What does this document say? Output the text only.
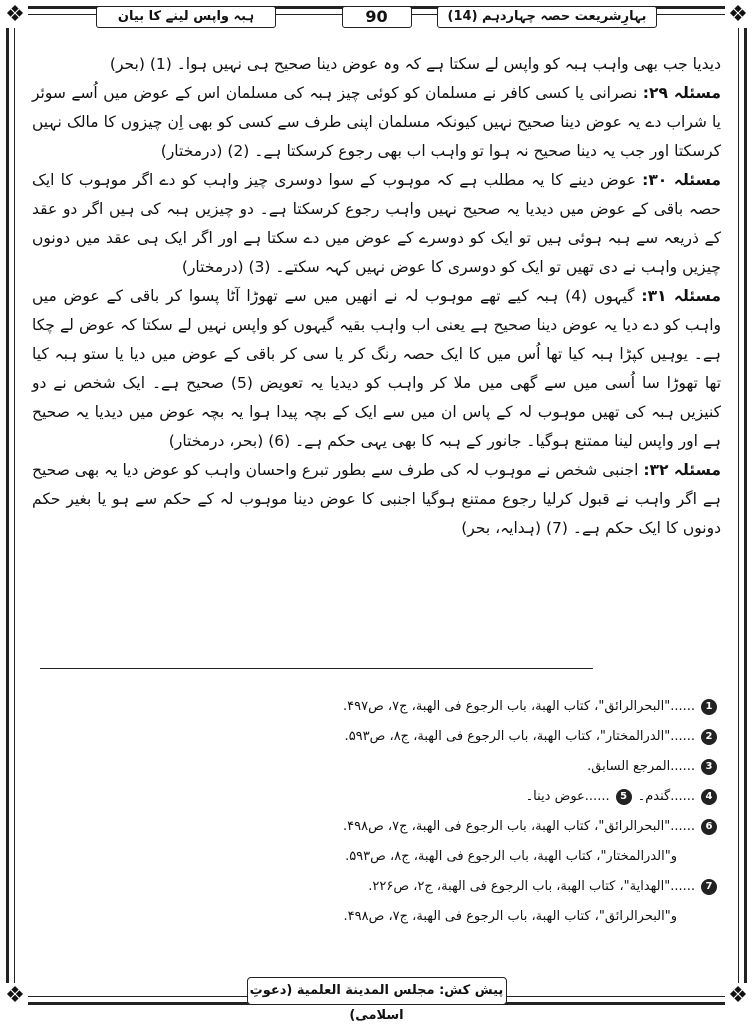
❖	❖
❖	❖
بہارِشریعت حصہ چہاردہم (14)
90
ہبہ واپس لینے کا بیان

دیدیا جب بھی واہب ہبہ کو واپس لے سکتا ہے کہ وہ عوض دینا صحیح ہی نہیں ہوا۔ (1) (بحر)

مسئلہ ۲۹: نصرانی یا کسی کافر نے مسلمان کو کوئی چیز ہبہ کی مسلمان اس کے عوض میں اُسے سوئر یا شراب دے یہ عوض دینا صحیح نہیں کیونکہ مسلمان اپنی طرف سے کسی کو بھی اِن چیزوں کا مالک نہیں کرسکتا اور جب یہ دینا صحیح نہ ہوا تو واہب اب بھی رجوع کرسکتا ہے۔ (2) (درمختار)

مسئلہ ۳۰: عوض دینے کا یہ مطلب ہے کہ موہوب کے سوا دوسری چیز واہب کو دے اگر موہوب کا ایک حصہ باقی کے عوض میں دیدیا یہ صحیح نہیں واہب رجوع کرسکتا ہے۔ دو چیزیں ہبہ کی ہیں اگر دو عقد کے ذریعہ سے ہبہ ہوئی ہیں تو ایک کو دوسرے کے عوض میں دے سکتا ہے اور اگر ایک ہی عقد میں دونوں چیزیں واہب نے دی تھیں تو ایک کو دوسری کا عوض نہیں کہہ سکتے۔ (3) (درمختار)

مسئلہ ۳۱: گیہوں (4) ہبہ کیے تھے موہوب لہ نے انھیں میں سے تھوڑا آٹا پسوا کر باقی کے عوض میں واہب کو دے دیا یہ عوض دینا صحیح ہے یعنی اب واہب بقیہ گیہوں کو واپس نہیں لے سکتا کہ عوض لے چکا ہے۔ یوہیں کپڑا ہبہ کیا تھا اُس میں کا ایک حصہ رنگ کر یا سی کر باقی کے عوض میں دیا یا ستو ہبہ کیا تھا تھوڑا سا اُسی میں سے گھی میں ملا کر واہب کو دیدیا یہ تعویض (5) صحیح ہے۔ ایک شخص نے دو کنیزیں ہبہ کی تھیں موہوب لہ کے پاس ان میں سے ایک کے بچہ پیدا ہوا یہ بچہ عوض میں دیدیا یہ صحیح ہے اور واپس لینا ممتنع ہوگیا۔ جانور کے ہبہ کا بھی یہی حکم ہے۔ (6) (بحر، درمختار)

مسئلہ ۳۲: اجنبی شخص نے موہوب لہ کی طرف سے بطور تبرع واحسان واہب کو عوض دیا یہ بھی صحیح ہے اگر واہب نے قبول کرلیا رجوع ممتنع ہوگیا اجنبی کا عوض دینا موہوب لہ کے حکم سے ہو یا بغیر حکم دونوں کا ایک حکم ہے۔ (7) (ہدایہ، بحر)

1
......"البحرالرائق"، کتاب الھبة، باب الرجوع فی الھبة، ج۷، ص۴۹۷.
2
......"الدرالمختار"، کتاب الھبة، باب الرجوع فی الھبة، ج۸، ص۵۹۳.
3
......المرجع السابق.
4
......گندم۔
5
......عوض دینا۔
6
......"البحرالرائق"، کتاب الھبة، باب الرجوع فی الھبة، ج۷، ص۴۹۸.
و"الدرالمختار"، کتاب الھبة، باب الرجوع فی الھبة، ج۸، ص۵۹۳.
7
......"الھدایة"، کتاب الھبة، باب الرجوع فی الھبة، ج۲، ص۲۲۶.
و"البحرالرائق"، کتاب الھبة، باب الرجوع فی الھبة، ج۷، ص۴۹۸.
پیش کش: مجلس المدینة العلمیة (دعوتِ اسلامی)
